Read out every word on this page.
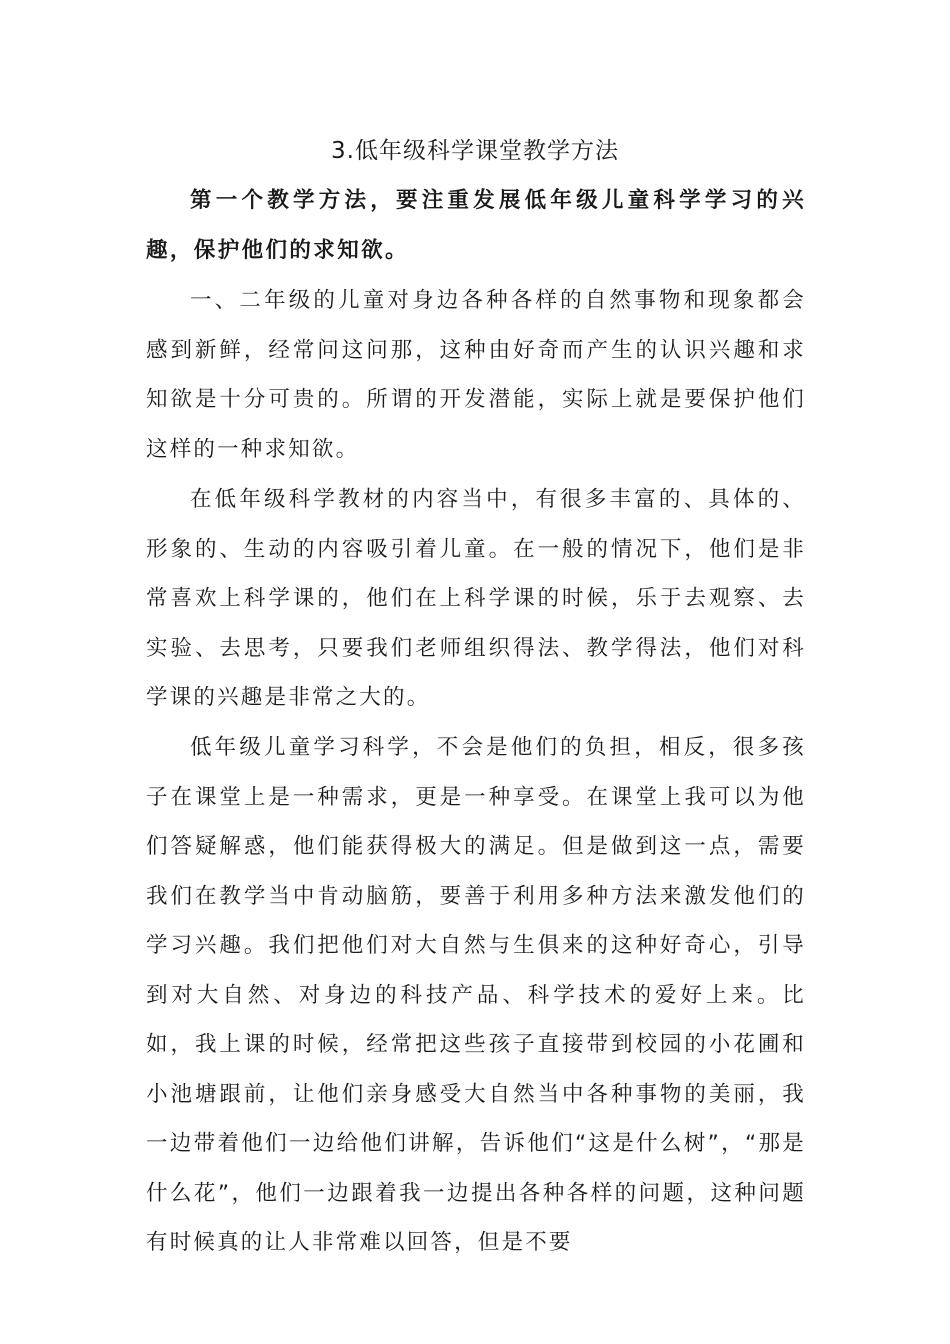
3.低年级科学课堂教学方法

第一个教学方法，要注重发展低年级儿童科学学习的兴趣，保护他们的求知欲。

一、二年级的儿童对身边各种各样的自然事物和现象都会感到新鲜，经常问这问那，这种由好奇而产生的认识兴趣和求知欲是十分可贵的。所谓的开发潜能，实际上就是要保护他们这样的一种求知欲。

在低年级科学教材的内容当中，有很多丰富的、具体的、形象的、生动的内容吸引着儿童。在一般的情况下，他们是非常喜欢上科学课的，他们在上科学课的时候，乐于去观察、去实验、去思考，只要我们老师组织得法、教学得法，他们对科学课的兴趣是非常之大的。

低年级儿童学习科学，不会是他们的负担，相反，很多孩子在课堂上是一种需求，更是一种享受。在课堂上我可以为他们答疑解惑，他们能获得极大的满足。但是做到这一点，需要我们在教学当中肯动脑筋，要善于利用多种方法来激发他们的学习兴趣。我们把他们对大自然与生俱来的这种好奇心，引导到对大自然、对身边的科技产品、科学技术的爱好上来。比如，我上课的时候，经常把这些孩子直接带到校园的小花圃和小池塘跟前，让他们亲身感受大自然当中各种事物的美丽，我一边带着他们一边给他们讲解，告诉他们“这是什么树”，“那是什么花”，他们一边跟着我一边提出各种各样的问题，这种问题有时候真的让人非常难以回答，但是不要
